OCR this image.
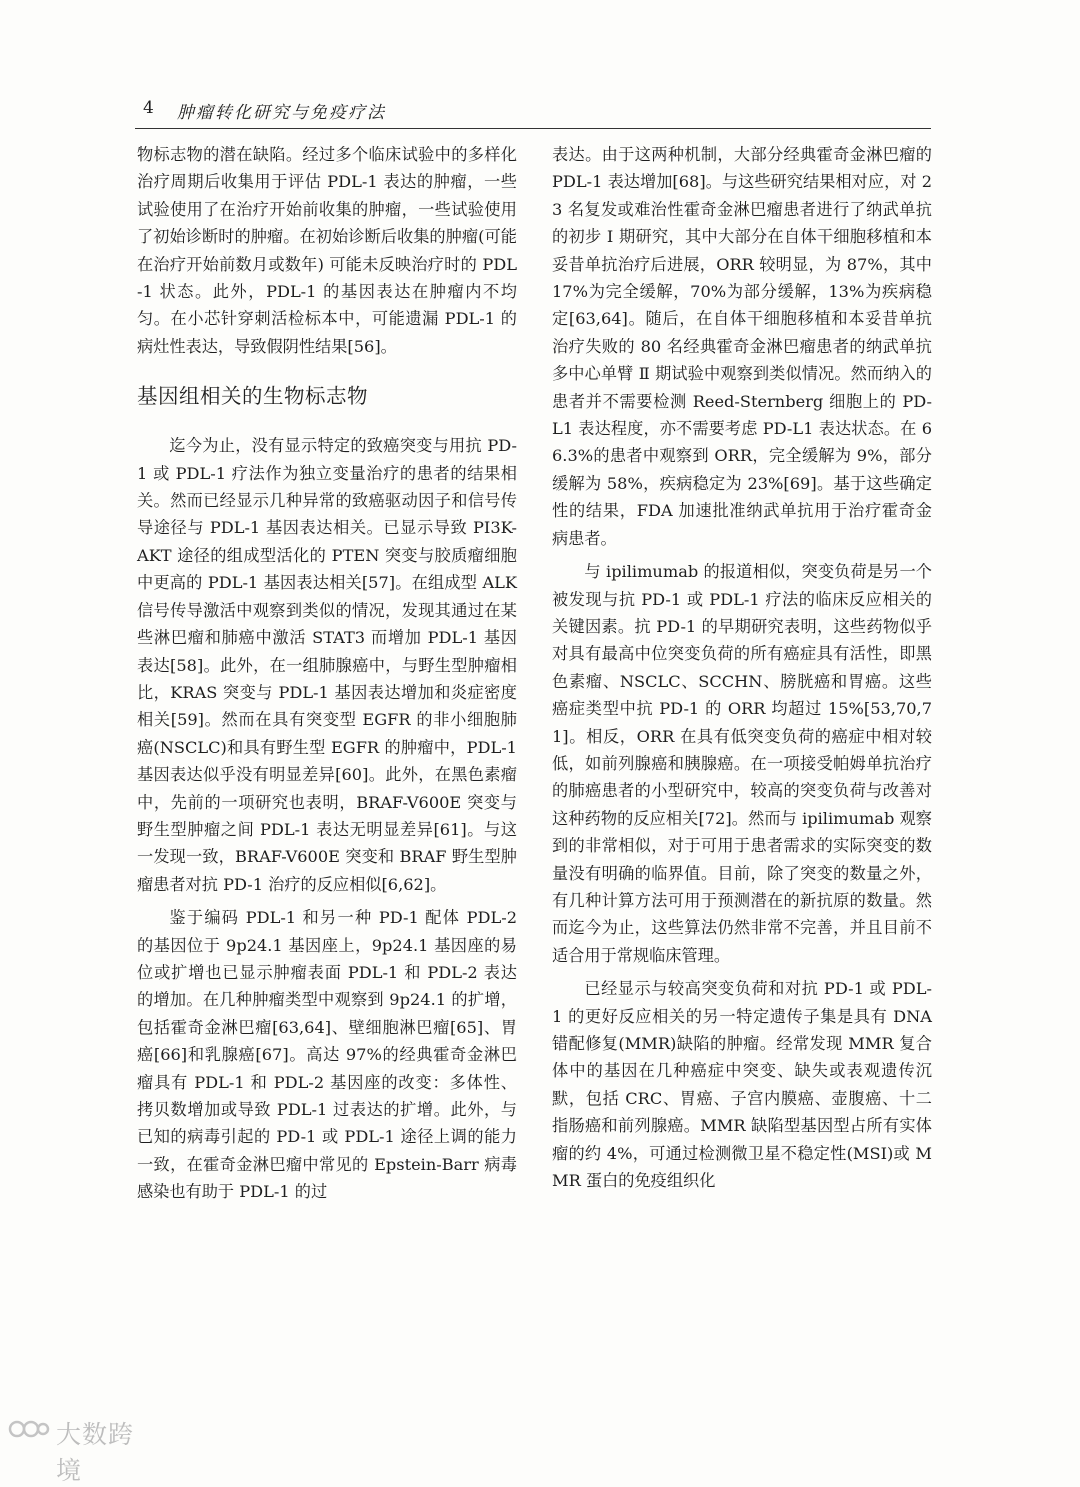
4 肿瘤转化研究与免疫疗法

物标志物的潜在缺陷。经过多个临床试验中的多样化治疗周期后收集用于评估 PDL-1 表达的肿瘤，一些试验使用了在治疗开始前收集的肿瘤，一些试验使用了初始诊断时的肿瘤。在初始诊断后收集的肿瘤(可能在治疗开始前数月或数年) 可能未反映治疗时的 PDL-1 状态。此外，PDL-1 的基因表达在肿瘤内不均匀。在小芯针穿刺活检标本中，可能遗漏 PDL-1 的病灶性表达，导致假阴性结果[56]。

基因组相关的生物标志物

迄今为止，没有显示特定的致癌突变与用抗 PD-1 或 PDL-1 疗法作为独立变量治疗的患者的结果相关。然而已经显示几种异常的致癌驱动因子和信号传导途径与 PDL-1 基因表达相关。已显示导致 PI3K-AKT 途径的组成型活化的 PTEN 突变与胶质瘤细胞中更高的 PDL-1 基因表达相关[57]。在组成型 ALK 信号传导激活中观察到类似的情况，发现其通过在某些淋巴瘤和肺癌中激活 STAT3 而增加 PDL-1 基因表达[58]。此外，在一组肺腺癌中，与野生型肿瘤相比，KRAS 突变与 PDL-1 基因表达增加和炎症密度相关[59]。然而在具有突变型 EGFR 的非小细胞肺癌(NSCLC)和具有野生型 EGFR 的肿瘤中，PDL-1 基因表达似乎没有明显差异[60]。此外，在黑色素瘤中，先前的一项研究也表明，BRAF-V600E 突变与野生型肿瘤之间 PDL-1 表达无明显差异[61]。与这一发现一致，BRAF-V600E 突变和 BRAF 野生型肿瘤患者对抗 PD-1 治疗的反应相似[6,62]。

鉴于编码 PDL-1 和另一种 PD-1 配体 PDL-2 的基因位于 9p24.1 基因座上，9p24.1 基因座的易位或扩增也已显示肿瘤表面 PDL-1 和 PDL-2 表达的增加。在几种肿瘤类型中观察到 9p24.1 的扩增，包括霍奇金淋巴瘤[63,64]、壁细胞淋巴瘤[65]、胃癌[66]和乳腺癌[67]。高达 97%的经典霍奇金淋巴瘤具有 PDL-1 和 PDL-2 基因座的改变：多体性、拷贝数增加或导致 PDL-1 过表达的扩增。此外，与已知的病毒引起的 PD-1 或 PDL-1 途径上调的能力一致，在霍奇金淋巴瘤中常见的 Epstein-Barr 病毒感染也有助于 PDL-1 的过

表达。由于这两种机制，大部分经典霍奇金淋巴瘤的 PDL-1 表达增加[68]。与这些研究结果相对应，对 23 名复发或难治性霍奇金淋巴瘤患者进行了纳武单抗的初步 Ⅰ 期研究，其中大部分在自体干细胞移植和本妥昔单抗治疗后进展，ORR 较明显，为 87%，其中 17%为完全缓解，70%为部分缓解，13%为疾病稳定[63,64]。随后，在自体干细胞移植和本妥昔单抗治疗失败的 80 名经典霍奇金淋巴瘤患者的纳武单抗多中心单臂 Ⅱ 期试验中观察到类似情况。然而纳入的患者并不需要检测 Reed-Sternberg 细胞上的 PD-L1 表达程度，亦不需要考虑 PD-L1 表达状态。在 66.3%的患者中观察到 ORR，完全缓解为 9%，部分缓解为 58%，疾病稳定为 23%[69]。基于这些确定性的结果，FDA 加速批准纳武单抗用于治疗霍奇金病患者。

与 ipilimumab 的报道相似，突变负荷是另一个被发现与抗 PD-1 或 PDL-1 疗法的临床反应相关的关键因素。抗 PD-1 的早期研究表明，这些药物似乎对具有最高中位突变负荷的所有癌症具有活性，即黑色素瘤、NSCLC、SCCHN、膀胱癌和胃癌。这些癌症类型中抗 PD-1 的 ORR 均超过 15%[53,70,71]。相反，ORR 在具有低突变负荷的癌症中相对较低，如前列腺癌和胰腺癌。在一项接受帕姆单抗治疗的肺癌患者的小型研究中，较高的突变负荷与改善对这种药物的反应相关[72]。然而与 ipilimumab 观察到的非常相似，对于可用于患者需求的实际突变的数量没有明确的临界值。目前，除了突变的数量之外，有几种计算方法可用于预测潜在的新抗原的数量。然而迄今为止，这些算法仍然非常不完善，并且目前不适合用于常规临床管理。

已经显示与较高突变负荷和对抗 PD-1 或 PDL-1 的更好反应相关的另一特定遗传子集是具有 DNA 错配修复(MMR)缺陷的肿瘤。经常发现 MMR 复合体中的基因在几种癌症中突变、缺失或表观遗传沉默，包括 CRC、胃癌、子宫内膜癌、壶腹癌、十二指肠癌和前列腺癌。MMR 缺陷型基因型占所有实体瘤的约 4%，可通过检测微卫星不稳定性(MSI)或 MMR 蛋白的免疫组织化

大数跨境
